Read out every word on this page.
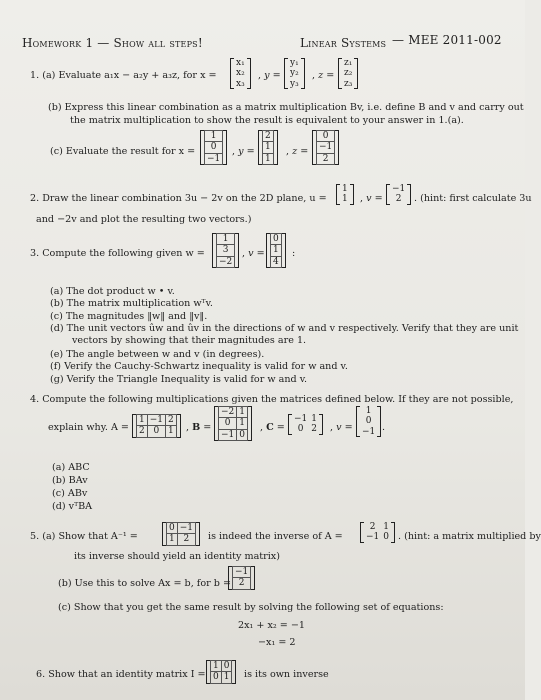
Homework 1 — Show all steps!	Linear Systems — MEE 2011-002
1. (a) Evaluate a₁x − a₂y + a₃z, for x =
x₁
x₂
x₃
, y =
y₁
y₂
y₃
, z =
z₁
z₂
z₃
(b) Express this linear combination as a matrix multiplication Bv, i.e. define B and v and carry out
the matrix multiplication to show the result is equivalent to your answer in 1.(a).
(c) Evaluate the result for x =
1
0
−1
, y =
2
1
1
, z =
0
−1
2
2. Draw the linear combination 3u − 2v on the 2D plane, u =
1
1 , v =
−1
2 . (hint: first calculate 3u
and −2v and plot the resulting two vectors.)
3. Compute the following given w =
1
3
−2
, v =
0
1
4
:
(a) The dot product w • v.
(b) The matrix multiplication wᵀv.
(c) The magnitudes ‖w‖ and ‖v‖.
(d) The unit vectors ûw and ûv in the directions of w and v respectively. Verify that they are unit
vectors by showing that their magnitudes are 1.
(e) The angle between w and v (in degrees).
(f) Verify the Cauchy-Schwartz inequality is valid for w and v.
(g) Verify the Triangle Inequality is valid for w and v.
4. Compute the following multiplications given the matrices defined below. If they are not possible,
explain why. A =
1	−1	2
2	0	1 , B =
−2	1
0	1
−1	0
, C =
−1	1
0	2 , v =
1
0
−1 .
(a) ABC
(b) BAv
(c) ABv
(d) vᵀBA
5. (a) Show that A⁻¹ =
0	−1
1	2 is indeed the inverse of A =
2	1
−1	0 . (hint: a matrix multiplied by
its inverse should yield an identity matrix)
(b) Use this to solve Ax = b, for b =
−1
2
(c) Show that you get the same result by solving the following set of equations:
2x₁ + x₂ = −1
−x₁ = 2
6. Show that an identity matrix I =
1	0
0	1 is its own inverse
